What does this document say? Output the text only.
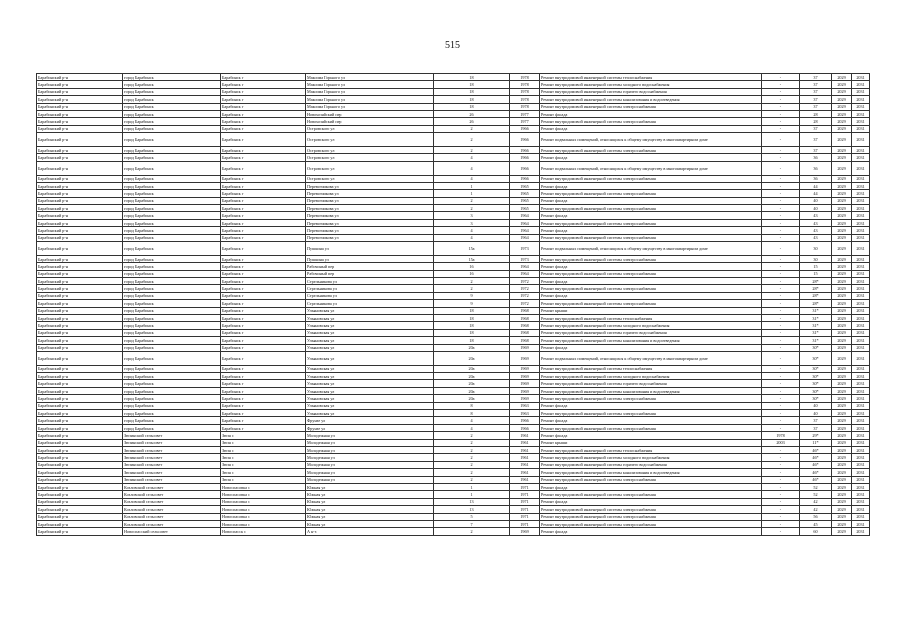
515
Барабинский р-н	город Барабинск	Барабинск г	Максима Горького ул	18	1978	Ремонт внутридомовой инженерной системы теплоснабжения	-	37	2029	2031
Барабинский р-н	город Барабинск	Барабинск г	Максима Горького ул	18	1978	Ремонт внутридомовой инженерной системы холодного водоснабжения	-	37	2029	2031
Барабинский р-н	город Барабинск	Барабинск г	Максима Горького ул	18	1978	Ремонт внутридомовой инженерной системы горячего водоснабжения	-	37	2029	2031
Барабинский р-н	город Барабинск	Барабинск г	Максима Горького ул	18	1978	Ремонт внутридомовой инженерной системы канализования и водоотведения	-	37	2029	2031
Барабинский р-н	город Барабинск	Барабинск г	Максима Горького ул	18	1978	Ремонт внутридомовой инженерной системы электроснабжения	-	37	2029	2031
Барабинский р-н	город Барабинск	Барабинск г	Новохозяйский пер	26	1977	Ремонт фасада	-	28	2029	2031
Барабинский р-н	город Барабинск	Барабинск г	Новохозяйский пер	26	1977	Ремонт внутридомовой инженерной системы электроснабжения	-	28	2029	2031
Барабинский р-н	город Барабинск	Барабинск г	Островского ул	2	1966	Ремонт фасада	-	37	2029	2031
Барабинский р-н	город Барабинск	Барабинск г	Островского ул	2	1966	Ремонт подвальных помещений, относящихся к общему имуществу в многоквартирном доме	-	37	2029	2031
Барабинский р-н	город Барабинск	Барабинск г	Островского ул	2	1966	Ремонт внутридомовой инженерной системы электроснабжения	-	37	2029	2031
Барабинский р-н	город Барабинск	Барабинск г	Островского ул	4	1966	Ремонт фасада	-	36	2029	2031
Барабинский р-н	город Барабинск	Барабинск г	Островского ул	4	1966	Ремонт подвальных помещений, относящихся к общему имуществу в многоквартирном доме	-	36	2029	2031
Барабинский р-н	город Барабинск	Барабинск г	Островского ул	4	1966	Ремонт внутридомовой инженерной системы электроснабжения	-	36	2029	2031
Барабинский р-н	город Барабинск	Барабинск г	Перевозчикова ул	1	1965	Ремонт фасада	-	44	2029	2031
Барабинский р-н	город Барабинск	Барабинск г	Перевозчикова ул	1	1965	Ремонт внутридомовой инженерной системы электроснабжения	-	44	2029	2031
Барабинский р-н	город Барабинск	Барабинск г	Перевозчикова ул	2	1965	Ремонт фасада	-	40	2029	2031
Барабинский р-н	город Барабинск	Барабинск г	Перевозчикова ул	2	1965	Ремонт внутридомовой инженерной системы электроснабжения	-	40	2029	2031
Барабинский р-н	город Барабинск	Барабинск г	Перевозчикова ул	3	1964	Ремонт фасада	-	43	2029	2031
Барабинский р-н	город Барабинск	Барабинск г	Перевозчикова ул	3	1964	Ремонт внутридомовой инженерной системы электроснабжения	-	43	2029	2031
Барабинский р-н	город Барабинск	Барабинск г	Перевозчикова ул	4	1964	Ремонт фасада	-	43	2029	2031
Барабинский р-н	город Барабинск	Барабинск г	Перевозчикова ул	4	1964	Ремонт внутридомовой инженерной системы электроснабжения	-	43	2029	2031
Барабинский р-н	город Барабинск	Барабинск г	Пушкина ул	15а	1973	Ремонт подвальных помещений, относящихся к общему имуществу в многоквартирном доме	-	30	2029	2031
Барабинский р-н	город Барабинск	Барабинск г	Пушкина ул	15а	1973	Ремонт внутридомовой инженерной системы электроснабжения	-	30	2029	2031
Барабинский р-н	город Барабинск	Барабинск г	Рабочиный пер	16	1964	Ремонт фасада	-	15	2029	2031
Барабинский р-н	город Барабинск	Барабинск г	Рабочиный пер	16	1964	Ремонт внутридомовой инженерной системы электроснабжения	-	15	2029	2031
Барабинский р-н	город Барабинск	Барабинск г	Стрельникова ул	2	1972	Ремонт фасада	-	28*	2029	2031
Барабинский р-н	город Барабинск	Барабинск г	Стрельникова ул	2	1972	Ремонт внутридомовой инженерной системы электроснабжения	-	28*	2029	2031
Барабинский р-н	город Барабинск	Барабинск г	Стрельникова ул	9	1972	Ремонт фасада	-	28*	2029	2031
Барабинский р-н	город Барабинск	Барабинск г	Стрельникова ул	9	1972	Ремонт внутридомовой инженерной системы электроснабжения	-	28*	2029	2031
Барабинский р-н	город Барабинск	Барабинск г	Ульяновская ул	18	1968	Ремонт крыши	-	31*	2029	2031
Барабинский р-н	город Барабинск	Барабинск г	Ульяновская ул	18	1968	Ремонт внутридомовой инженерной системы теплоснабжения	-	31*	2029	2031
Барабинский р-н	город Барабинск	Барабинск г	Ульяновская ул	18	1968	Ремонт внутридомовой инженерной системы холодного водоснабжения	-	31*	2029	2031
Барабинский р-н	город Барабинск	Барабинск г	Ульяновская ул	18	1968	Ремонт внутридомовой инженерной системы горячего водоснабжения	-	31*	2029	2031
Барабинский р-н	город Барабинск	Барабинск г	Ульяновская ул	18	1968	Ремонт внутридомовой инженерной системы канализования и водоотведения	-	31*	2029	2031
Барабинский р-н	город Барабинск	Барабинск г	Ульяновская ул	20а	1969	Ремонт фасада	-	30*	2029	2031
Барабинский р-н	город Барабинск	Барабинск г	Ульяновская ул	20а	1969	Ремонт подвальных помещений, относящихся к общему имуществу в многоквартирном доме	-	30*	2029	2031
Барабинский р-н	город Барабинск	Барабинск г	Ульяновская ул	20а	1969	Ремонт внутридомовой инженерной системы теплоснабжения	-	30*	2029	2031
Барабинский р-н	город Барабинск	Барабинск г	Ульяновская ул	20а	1969	Ремонт внутридомовой инженерной системы холодного водоснабжения	-	30*	2029	2031
Барабинский р-н	город Барабинск	Барабинск г	Ульяновская ул	20а	1969	Ремонт внутридомовой инженерной системы горячего водоснабжения	-	30*	2029	2031
Барабинский р-н	город Барабинск	Барабинск г	Ульяновская ул	20а	1969	Ремонт внутридомовой инженерной системы канализования и водоотведения	-	30*	2029	2031
Барабинский р-н	город Барабинск	Барабинск г	Ульяновская ул	20а	1969	Ремонт внутридомовой инженерной системы электроснабжения	-	30*	2029	2031
Барабинский р-н	город Барабинск	Барабинск г	Ульяновская ул	8	1963	Ремонт фасада	-	40	2029	2031
Барабинский р-н	город Барабинск	Барабинск г	Ульяновская ул	8	1963	Ремонт внутридомовой инженерной системы электроснабжения	-	40	2029	2031
Барабинский р-н	город Барабинск	Барабинск г	Фрунзе ул	4	1966	Ремонт фасада	-	37	2029	2031
Барабинский р-н	город Барабинск	Барабинск г	Фрунзе ул	4	1966	Ремонт внутридомовой инженерной системы электроснабжения	-	37	2029	2031
Барабинский р-н	Зюзинский сельсовет	Зюзя с	Молодежная ул	2	1961	Ремонт фасада	1978	29*	2029	2031
Барабинский р-н	Зюзинский сельсовет	Зюзя с	Молодежная ул	2	1961	Ремонт крыши	2003	11*	2029	2031
Барабинский р-н	Зюзинский сельсовет	Зюзя с	Молодежная ул	2	1961	Ремонт внутридомовой инженерной системы теплоснабжения	-	46*	2029	2031
Барабинский р-н	Зюзинский сельсовет	Зюзя с	Молодежная ул	2	1961	Ремонт внутридомовой инженерной системы холодного водоснабжения	-	46*	2029	2031
Барабинский р-н	Зюзинский сельсовет	Зюзя с	Молодежная ул	2	1961	Ремонт внутридомовой инженерной системы горячего водоснабжения	-	46*	2029	2031
Барабинский р-н	Зюзинский сельсовет	Зюзя с	Молодежная ул	2	1961	Ремонт внутридомовой инженерной системы канализования и водоотведения	-	46*	2029	2031
Барабинский р-н	Зюзинский сельсовет	Зюзя с	Молодежная ул	2	1961	Ремонт внутридомовой инженерной системы электроснабжения	-	46*	2029	2031
Барабинский р-н	Козловский сельсовет	Новоспасовка с	Южная ул	1	1971	Ремонт фасада	-	52	2029	2031
Барабинский р-н	Козловский сельсовет	Новоспасовка с	Южная ул	1	1971	Ремонт внутридомовой инженерной системы электроснабжения	-	52	2029	2031
Барабинский р-н	Козловский сельсовет	Новоспасовка с	Южная ул	13	1971	Ремонт фасада	-	42	2029	2031
Барабинский р-н	Козловский сельсовет	Новоспасовка с	Южная ул	13	1971	Ремонт внутридомовой инженерной системы электроснабжения	-	42	2029	2031
Барабинский р-н	Козловский сельсовет	Новоспасовка с	Южная ул	5	1971	Ремонт внутридомовой инженерной системы электроснабжения	-	56	2029	2031
Барабинский р-н	Козловский сельсовет	Новоспасовка с	Южная ул	7	1971	Ремонт внутридомовой инженерной системы электроснабжения	-	45	2029	2031
Барабинский р-н	Новоспасский сельсовет	Новоспасск с	А н-з	2	1969	Ремонт фасада	-	60	2029	2031
